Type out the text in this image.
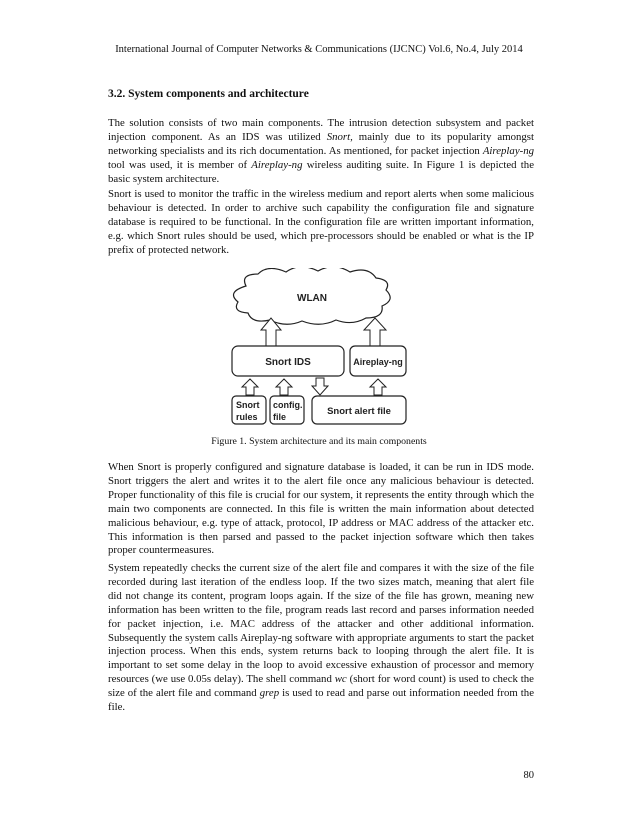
International Journal of Computer Networks & Communications (IJCNC) Vol.6, No.4, July 2014
3.2. System components and architecture

The solution consists of two main components. The intrusion detection subsystem and packet injection component. As an IDS was utilized Snort, mainly due to its popularity amongst networking specialists and its rich documentation. As mentioned, for packet injection Aireplay-ng tool was used, it is member of Aireplay-ng wireless auditing suite. In Figure 1 is depicted the basic system architecture.

Snort is used to monitor the traffic in the wireless medium and report alerts when some malicious behaviour is detected. In order to archive such capability the configuration file and signature database is required to be functional. In the configuration file are written important information, e.g. which Snort rules should be used, which pre-processors should be enabled or what is the IP prefix of protected network.

WLAN
Snort IDS	Aireplay-ng
Snort
rules
config.
file	Snort alert file
Figure 1. System architecture and its main components

When Snort is properly configured and signature database is loaded, it can be run in IDS mode. Snort triggers the alert and writes it to the alert file once any malicious behaviour is detected. Proper functionality of this file is crucial for our system, it represents the entity through which the main two components are connected. In this file is written the main information about detected malicious behaviour, e.g. type of attack, protocol, IP address or MAC address of the attacker etc. This information is then parsed and passed to the packet injection software which then takes proper countermeasures.

System repeatedly checks the current size of the alert file and compares it with the size of the file recorded during last iteration of the endless loop. If the two sizes match, meaning that alert file did not change its content, program loops again. If the size of the file has grown, meaning new information has been written to the file, program reads last record and parses information needed for packet injection, i.e. MAC address of the attacker and other additional information. Subsequently the system calls Aireplay-ng software with appropriate arguments to start the packet injection process. When this ends, system returns back to looping through the alert file. It is important to set some delay in the loop to avoid excessive exhaustion of processor and memory resources (we use 0.05s delay). The shell command wc (short for word count) is used to check the size of the alert file and command grep is used to read and parse out information needed from the file.

80
